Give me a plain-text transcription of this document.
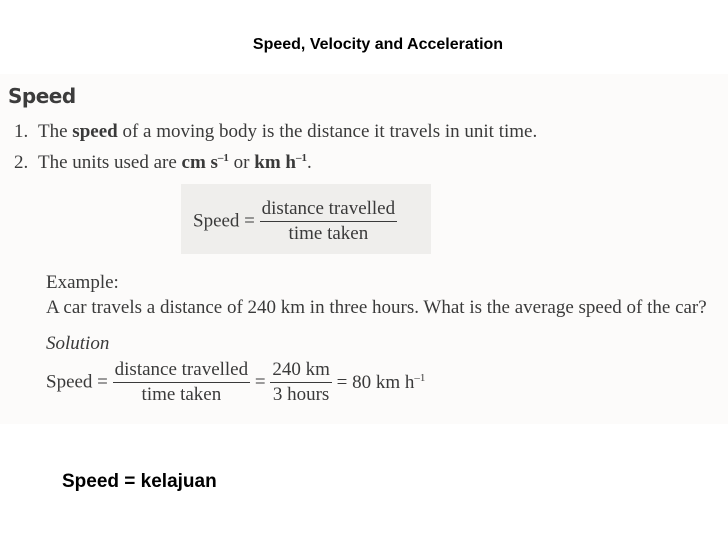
Speed, Velocity and Acceleration
Speed
1. The speed of a moving body is the distance it travels in unit time.
2. The units used are cm $s^{-1}$ or km $h^{-1}$.
Speed = $\frac{\text{distance travelled}}{\text{time taken}}$
Example:
A car travels a distance of 240 km in three hours. What is the average speed of the car?
Solution
Speed = $\frac{\text{distance travelled}}{\text{time taken}} = \frac{240 km}{\text{3 hours}} = 80$ km $h^{-1}$
Speed = kelajuan
